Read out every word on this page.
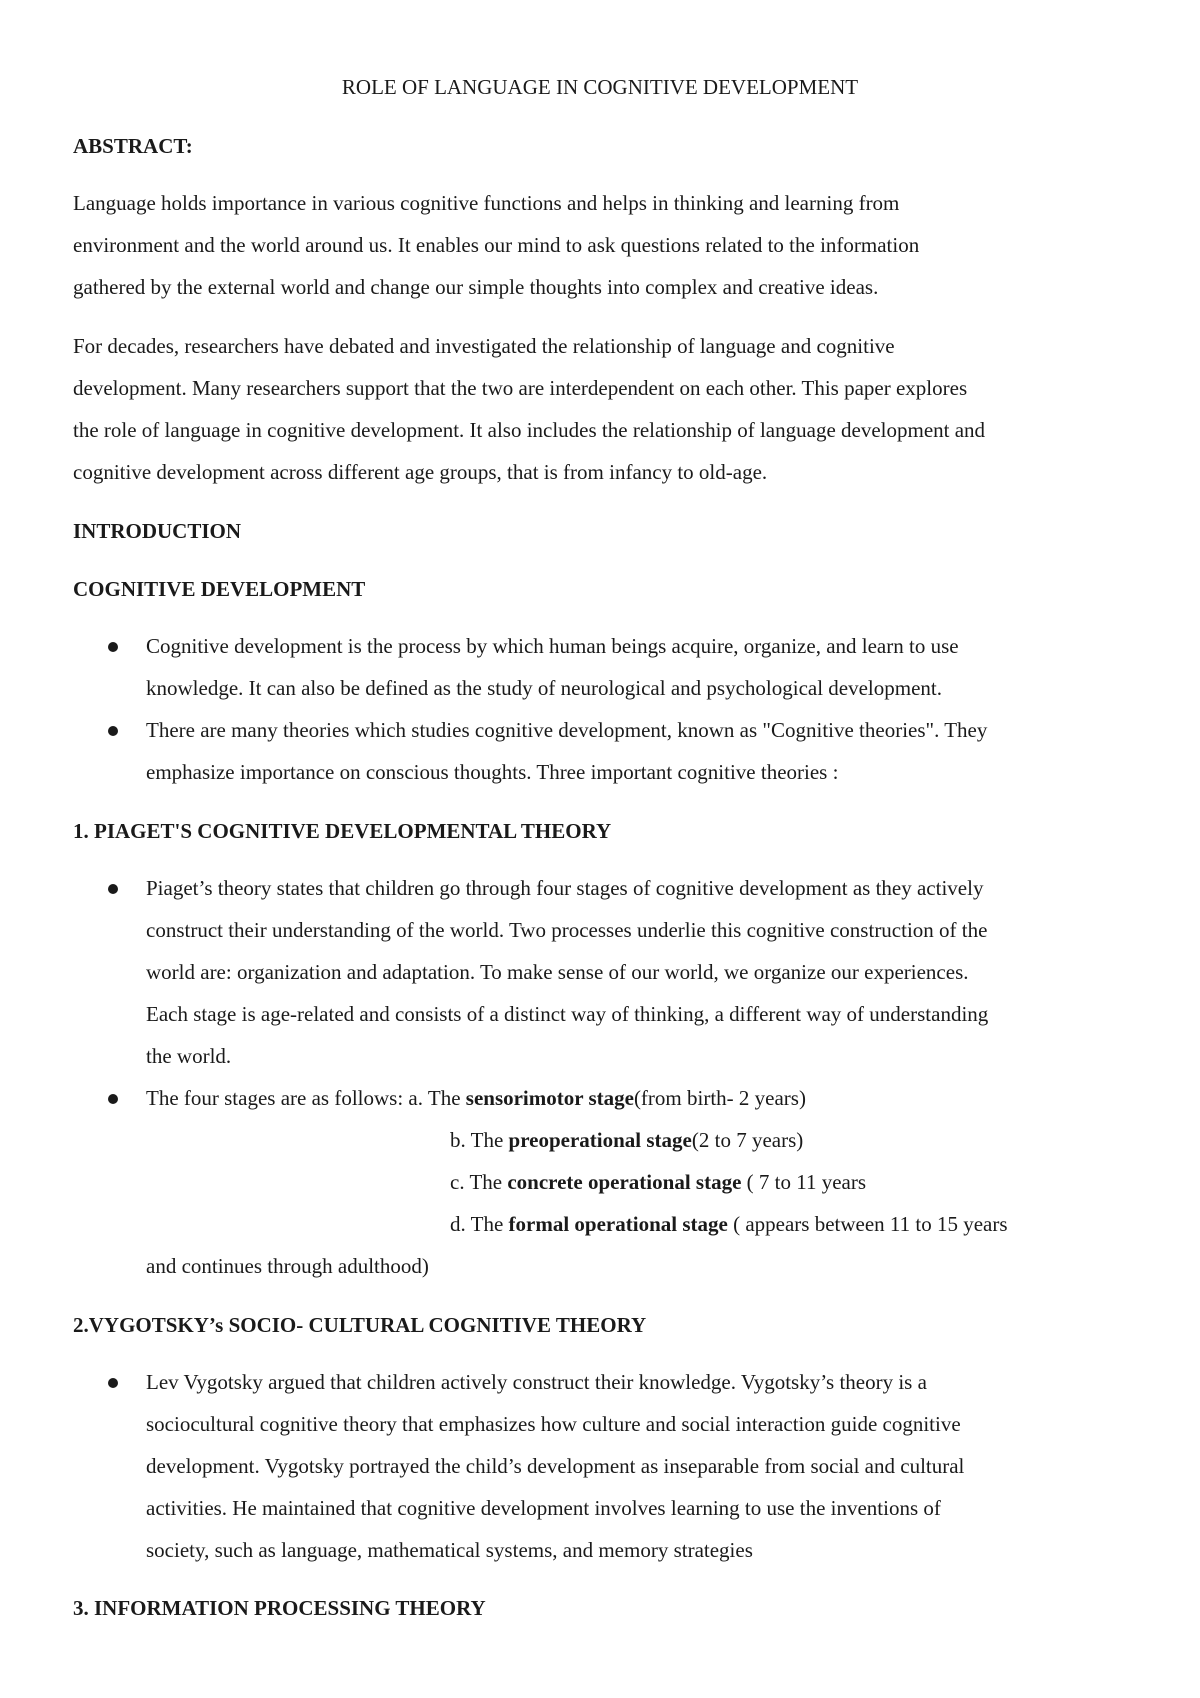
ROLE OF LANGUAGE IN COGNITIVE DEVELOPMENT
ABSTRACT:
Language holds importance in various cognitive functions and helps in thinking and learning from
environment and the world around us. It enables our mind to ask questions related to the information
gathered by the external world and change our simple thoughts into complex and creative ideas.
For decades, researchers have debated and investigated the relationship of language and cognitive
development. Many researchers support that the two are interdependent on each other. This paper explores
the role of language in cognitive development. It also includes the relationship of language development and
cognitive development across different age groups, that is from infancy to old-age.
INTRODUCTION
COGNITIVE DEVELOPMENT
Cognitive development is the process by which human beings acquire, organize, and learn to use
knowledge. It can also be defined as the study of neurological and psychological development.
There are many theories which studies cognitive development, known as "Cognitive theories". They
emphasize importance on conscious thoughts. Three important cognitive theories :
1. PIAGET'S COGNITIVE DEVELOPMENTAL THEORY
Piaget’s theory states that children go through four stages of cognitive development as they actively
construct their understanding of the world. Two processes underlie this cognitive construction of the
world are: organization and adaptation. To make sense of our world, we organize our experiences.
Each stage is age-related and consists of a distinct way of thinking, a different way of understanding
the world.
The four stages are as follows: a. The sensorimotor stage(from birth- 2 years)
b. The preoperational stage(2 to 7 years)
c. The concrete operational stage ( 7 to 11 years
d. The formal operational stage ( appears between 11 to 15 years
and continues through adulthood)
2.VYGOTSKY’s SOCIO- CULTURAL COGNITIVE THEORY
Lev Vygotsky argued that children actively construct their knowledge. Vygotsky’s theory is a
sociocultural cognitive theory that emphasizes how culture and social interaction guide cognitive
development. Vygotsky portrayed the child’s development as inseparable from social and cultural
activities. He maintained that cognitive development involves learning to use the inventions of
society, such as language, mathematical systems, and memory strategies
3. INFORMATION PROCESSING THEORY
